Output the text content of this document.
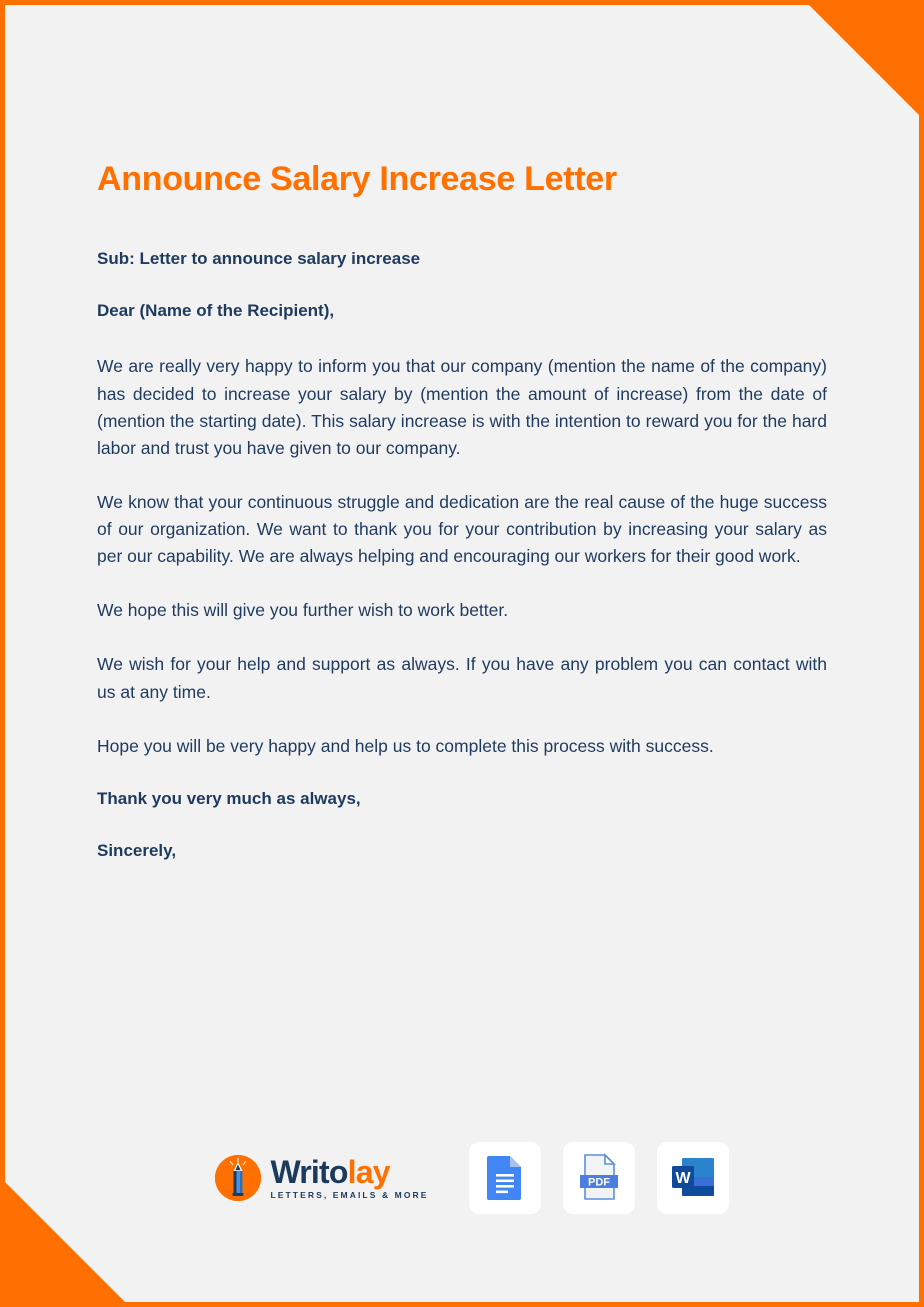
Announce Salary Increase Letter

Sub: Letter to announce salary increase

Dear (Name of the Recipient),

We are really very happy to inform you that our company (mention the name of the company) has decided to increase your salary by (mention the amount of increase) from the date of (mention the starting date). This salary increase is with the intention to reward you for the hard labor and trust you have given to our company.

We know that your continuous struggle and dedication are the real cause of the huge success of our organization. We want to thank you for your contribution by increasing your salary as per our capability. We are always helping and encouraging our workers for their good work.

We hope this will give you further wish to work better.

We wish for your help and support as always. If you have any problem you can contact with us at any time.

Hope you will be very happy and help us to complete this process with success.

Thank you very much as always,

Sincerely,

Writolay
LETTERS, EMAILS & MORE
PDF	W
